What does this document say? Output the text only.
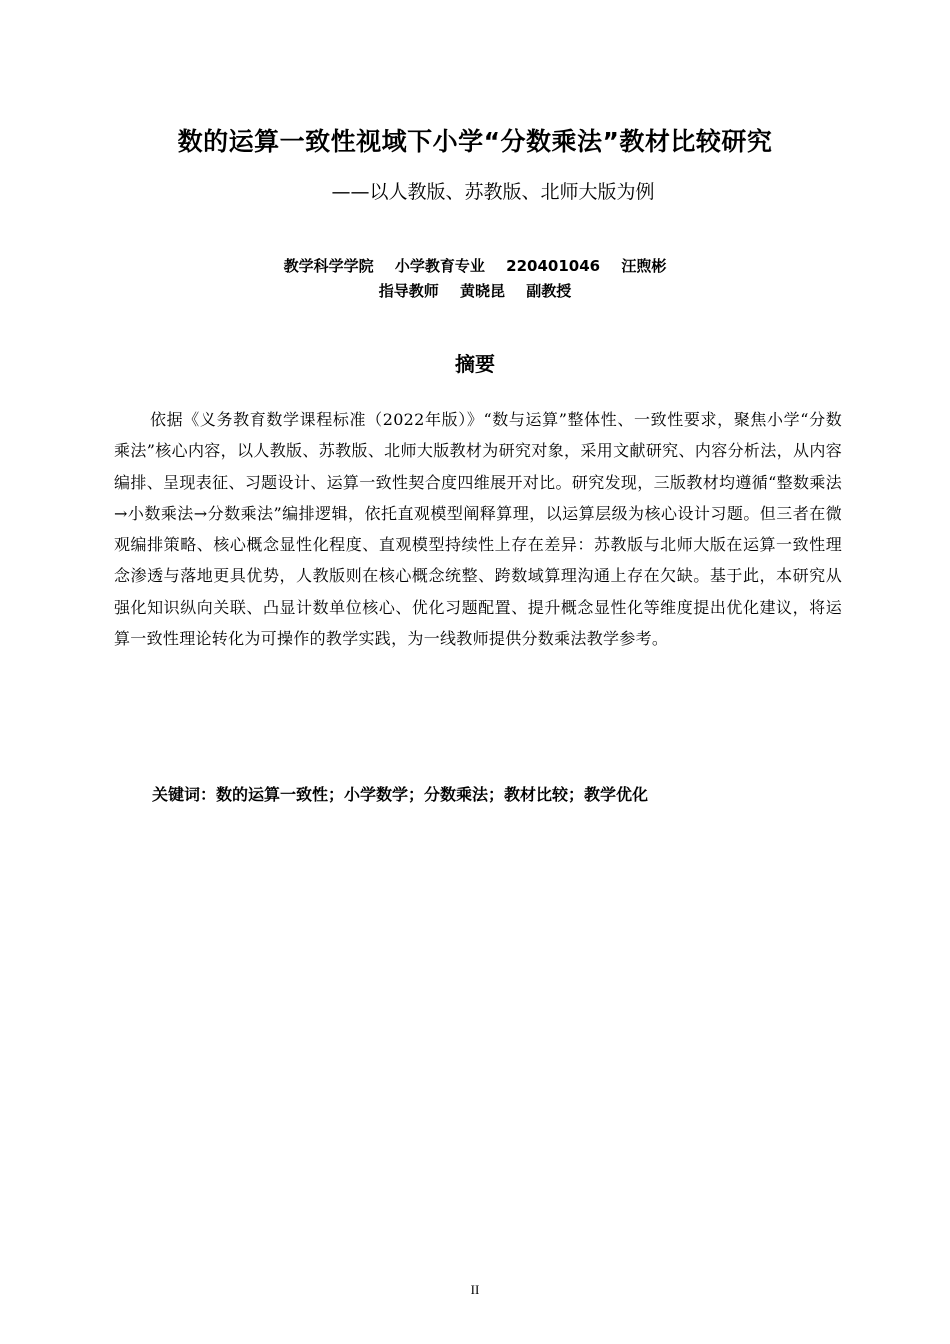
数的运算一致性视域下小学“分数乘法”教材比较研究
——以人教版、苏教版、北师大版为例
教学科学学院 小学教育专业 220401046 汪煦彬
指导教师 黄晓昆 副教授
摘要

依据《义务教育数学课程标准（2022年版）》“数与运算”整体性、一致性要求，聚焦小学“分数乘法”核心内容，以人教版、苏教版、北师大版教材为研究对象，采用文献研究、内容分析法，从内容编排、呈现表征、习题设计、运算一致性契合度四维展开对比。研究发现，三版教材均遵循“整数乘法→小数乘法→分数乘法”编排逻辑，依托直观模型阐释算理，以运算层级为核心设计习题。但三者在微观编排策略、核心概念显性化程度、直观模型持续性上存在差异：苏教版与北师大版在运算一致性理念渗透与落地更具优势，人教版则在核心概念统整、跨数域算理沟通上存在欠缺。基于此，本研究从强化知识纵向关联、凸显计数单位核心、优化习题配置、提升概念显性化等维度提出优化建议，将运算一致性理论转化为可操作的教学实践，为一线教师提供分数乘法教学参考。

关键词：数的运算一致性；小学数学；分数乘法；教材比较；教学优化
II
